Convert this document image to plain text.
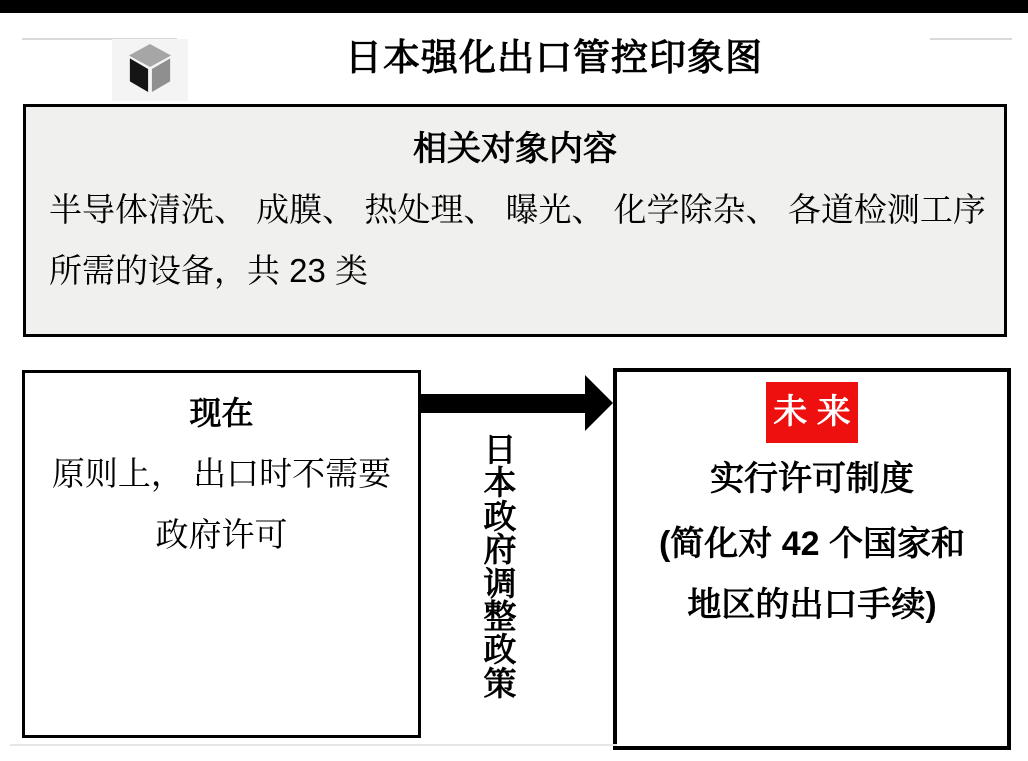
日本强化出口管控印象图
相关对象内容
半导体清洗、 成膜、 热处理、 曝光、 化学除杂、 各道检测工序
所需的设备，共 23 类
现在
原则上， 出口时不需要
政府许可
日本政府调整政策
未 来
实行许可制度
(简化对 42 个国家和
地区的出口手续)
